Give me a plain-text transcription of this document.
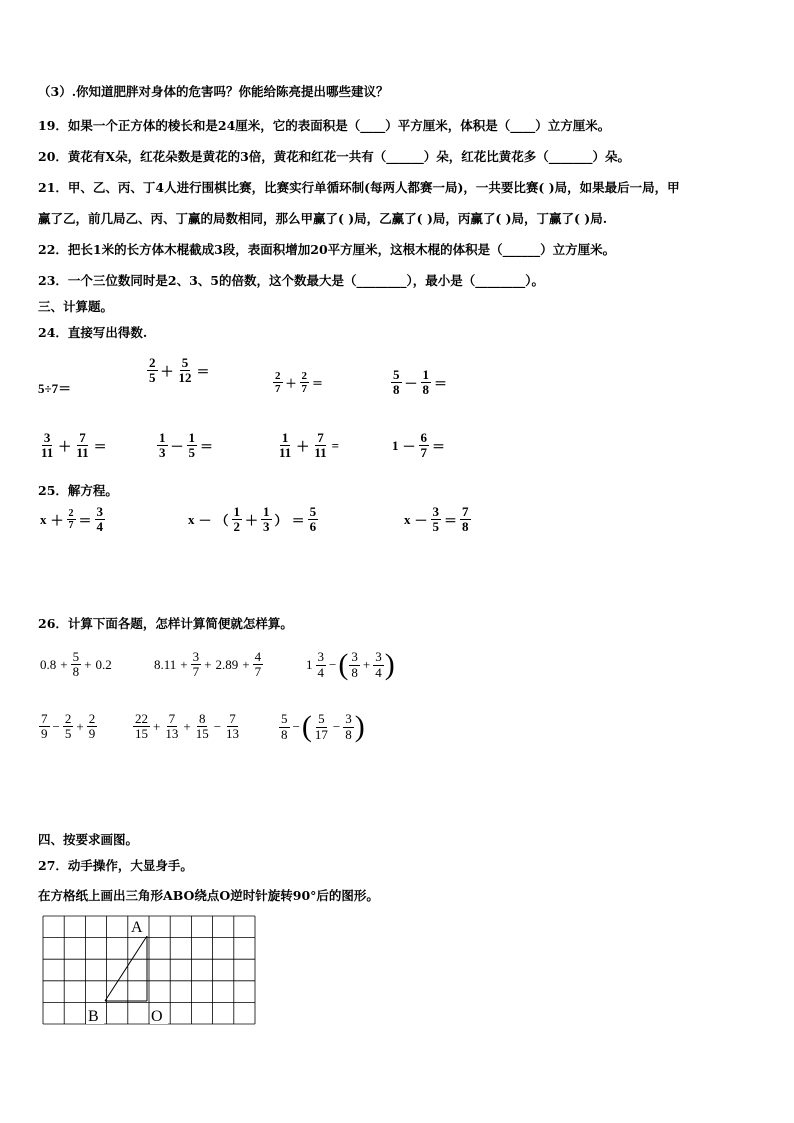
（3）.你知道肥胖对身体的危害吗？你能给陈亮提出哪些建议？
19．如果一个正方体的棱长和是24厘米，它的表面积是（____）平方厘米，体积是（____）立方厘米。
20．黄花有X朵，红花朵数是黄花的3倍，黄花和红花一共有（______）朵，红花比黄花多（_______）朵。
21．甲、乙、丙、丁4人进行围棋比赛，比赛实行单循环制(每两人都赛一局)，一共要比赛( )局，如果最后一局，甲
赢了乙，前几局乙、丙、丁赢的局数相同，那么甲赢了( )局，乙赢了( )局，丙赢了( )局，丁赢了( )局.
22．把长1米的长方体木棍截成3段，表面积增加20平方厘米，这根木棍的体积是（______）立方厘米。
23．一个三位数同时是2、3、5的倍数，这个数最大是（________），最小是（________）。
三、计算题。
24．直接写出得数.
5÷7＝
$\frac{2}{5} + \frac{5}{12}$ ＝	$\frac{2}{7} + \frac{2}{7}$ ＝	$\frac{5}{8} - \frac{1}{8}$ ＝
$\frac{3}{11} + \frac{7}{11}$ ＝	$\frac{1}{3} - \frac{1}{5}$ ＝	$\frac{1}{11} + \frac{7}{11}$ =	$1 - \frac{6}{7}$ ＝
25．解方程。
$x + \frac{2}{7} = \frac{3}{4}$	x － （ $\frac{1}{2} + \frac{1}{3}$ ） ＝ $\frac{5}{6}$	$x - \frac{3}{5} = \frac{7}{8}$
26．计算下面各题，怎样计算简便就怎样算。
$0.8 + \frac{5}{8} + 0.2$	$8.11 + \frac{3}{7} + 2.89 + \frac{4}{7}$	$1 \frac{3}{4}$ −( $\frac{3}{8} + \frac{3}{4}$ )
$\frac{7}{9} - \frac{2}{5} + \frac{2}{9}$	$\frac{22}{15} + \frac{7}{13} + \frac{8}{15} - \frac{7}{13}$	$\frac{5}{8}$ −( $\frac{5}{17} - \frac{3}{8}$ )
四、按要求画图。
27．动手操作，大显身手。
在方格纸上画出三角形ABO绕点O逆时针旋转90°后的图形。
A
B	O
